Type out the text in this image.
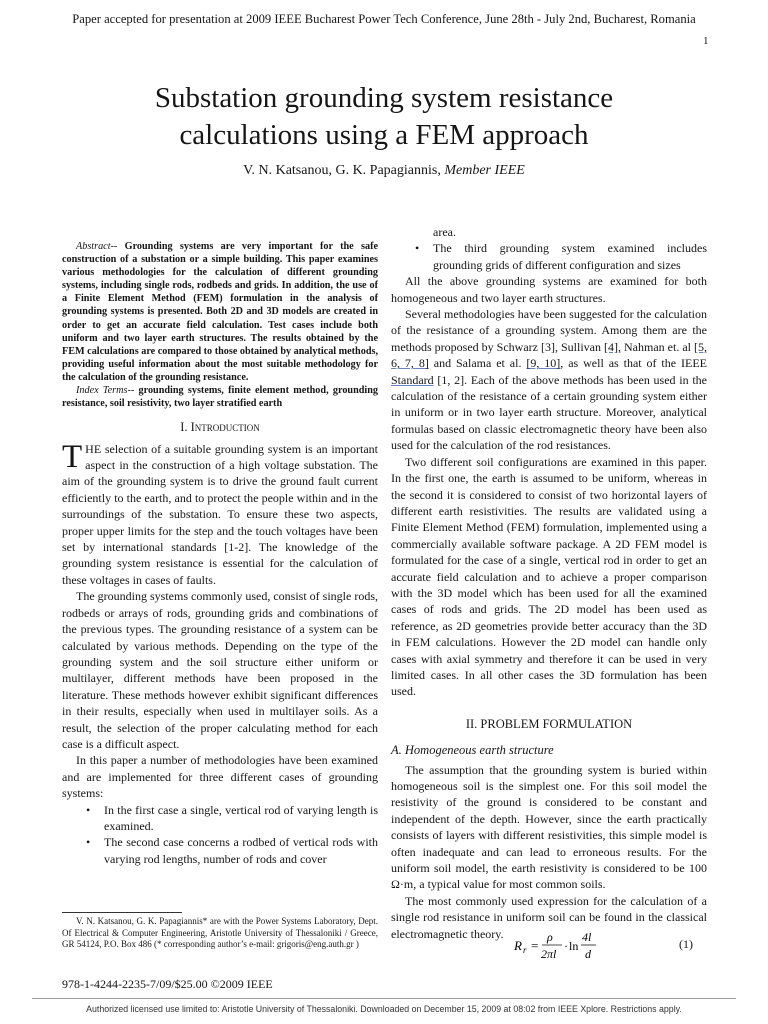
Paper accepted for presentation at 2009 IEEE Bucharest Power Tech Conference, June 28th - July 2nd, Bucharest, Romania
1
Substation grounding system resistance
calculations using a FEM approach
V. N. Katsanou, G. K. Papagiannis, Member IEEE

Abstract-- Grounding systems are very important for the safe construction of a substation or a simple building. This paper examines various methodologies for the calculation of different grounding systems, including single rods, rodbeds and grids. In addition, the use of a Finite Element Method (FEM) formulation in the analysis of grounding systems is presented. Both 2D and 3D models are created in order to get an accurate field calculation. Test cases include both uniform and two layer earth structures. The results obtained by the FEM calculations are compared to those obtained by analytical methods, providing useful information about the most suitable methodology for the calculation of the grounding resistance.

Index Terms-- grounding systems, finite element method, grounding resistance, soil resistivity, two layer stratified earth

I. Introduction

THE selection of a suitable grounding system is an important aspect in the construction of a high voltage substation. The aim of the grounding system is to drive the ground fault current efficiently to the earth, and to protect the people within and in the surroundings of the substation. To ensure these two aspects, proper upper limits for the step and the touch voltages have been set by international standards [1-2]. The knowledge of the grounding system resistance is essential for the calculation of these voltages in cases of faults.

The grounding systems commonly used, consist of single rods, rodbeds or arrays of rods, grounding grids and combinations of the previous types. The grounding resistance of a system can be calculated by various methods. Depending on the type of the grounding system and the soil structure either uniform or multilayer, different methods have been proposed in the literature. These methods however exhibit significant differences in their results, especially when used in multilayer soils. As a result, the selection of the proper calculating method for each case is a difficult aspect.

In this paper a number of methodologies have been examined and are implemented for three different cases of grounding systems:

• In the first case a single, vertical rod of varying length is examined.
• The second case concerns a rodbed of vertical rods with varying rod lengths, number of rods and cover
V. N. Katsanou, G. K. Papagiannis* are with the Power Systems Laboratory, Dept. Of Electrical & Computer Engineering, Aristotle University of Thessaloniki / Greece, GR 54124, P.O. Box 486 (* corresponding author’s e-mail: grigoris@eng.auth.gr )
978-1-4244-2235-7/09/$25.00 ©2009 IEEE
area.
• The third grounding system examined includes grounding grids of different configuration and sizes

All the above grounding systems are examined for both homogeneous and two layer earth structures.

Several methodologies have been suggested for the calculation of the resistance of a grounding system. Among them are the methods proposed by Schwarz [3], Sullivan [4], Nahman et. al [5, 6, 7, 8] and Salama et al. [9, 10], as well as that of the IEEE Standard [1, 2]. Each of the above methods has been used in the calculation of the resistance of a certain grounding system either in uniform or in two layer earth structure. Moreover, analytical formulas based on classic electromagnetic theory have been also used for the calculation of the rod resistances.

Two different soil configurations are examined in this paper. In the first one, the earth is assumed to be uniform, whereas in the second it is considered to consist of two horizontal layers of different earth resistivities. The results are validated using a Finite Element Method (FEM) formulation, implemented using a commercially available software package. A 2D FEM model is formulated for the case of a single, vertical rod in order to get an accurate field calculation and to achieve a proper comparison with the 3D model which has been used for all the examined cases of rods and grids. The 2D model has been used as reference, as 2D geometries provide better accuracy than the 3D in FEM calculations. However the 2D model can handle only cases with axial symmetry and therefore it can be used in very limited cases. In all other cases the 3D formulation has been used.

II. PROBLEM FORMULATION
A. Homogeneous earth structure

The assumption that the grounding system is buried within homogeneous soil is the simplest one. For this soil model the resistivity of the ground is considered to be constant and independent of the depth. However, since the earth practically consists of layers with different resistivities, this simple model is often inadequate and can lead to erroneous results. For the uniform soil model, the earth resistivity is considered to be 100 Ω·m, a typical value for most common soils.

The most commonly used expression for the calculation of a single rod resistance in uniform soil can be found in the classical electromagnetic theory.

R r =
ρ
2πl
· ln
4l
d
(1)
Authorized licensed use limited to: Aristotle University of Thessaloniki. Downloaded on December 15, 2009 at 08:02 from IEEE Xplore. Restrictions apply.
